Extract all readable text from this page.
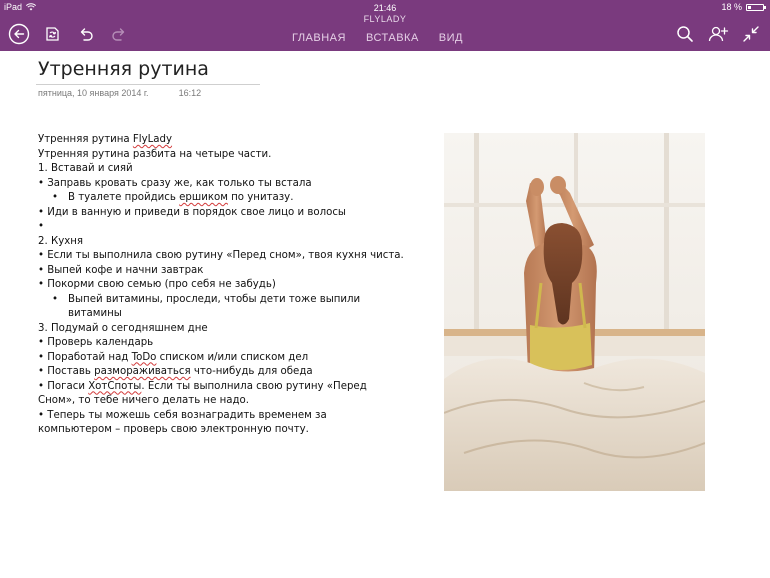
iPad	21:46	18 %
FLYLADY
ГЛАВНАЯ ВСТАВКА ВИД
Утренняя рутина
пятница, 10 января 2014 г.	16:12
Утренняя рутина FlyLady
Утренняя рутина разбита на четыре части.
1. Вставай и сияй
• Заправь кровать сразу же, как только ты встала
• В туалете пройдись ершиком по унитазу.
• Иди в ванную и приведи в порядок свое лицо и волосы
•
2. Кухня
• Если ты выполнила свою рутину «Перед сном», твоя кухня чиста.
• Выпей кофе и начни завтрак
• Покорми свою семью (про себя не забудь)
• Выпей витамины, проследи, чтобы дети тоже выпили витамины
3. Подумай о сегодняшнем дне
• Проверь календарь
• Поработай над ToDo списком и/или списком дел
• Поставь размораживаться что-нибудь для обеда
• Погаси ХотСпоты. Если ты выполнила свою рутину «Перед Сном», то тебе ничего делать не надо.
• Теперь ты можешь себя вознаградить временем за компьютером – проверь свою электронную почту.
